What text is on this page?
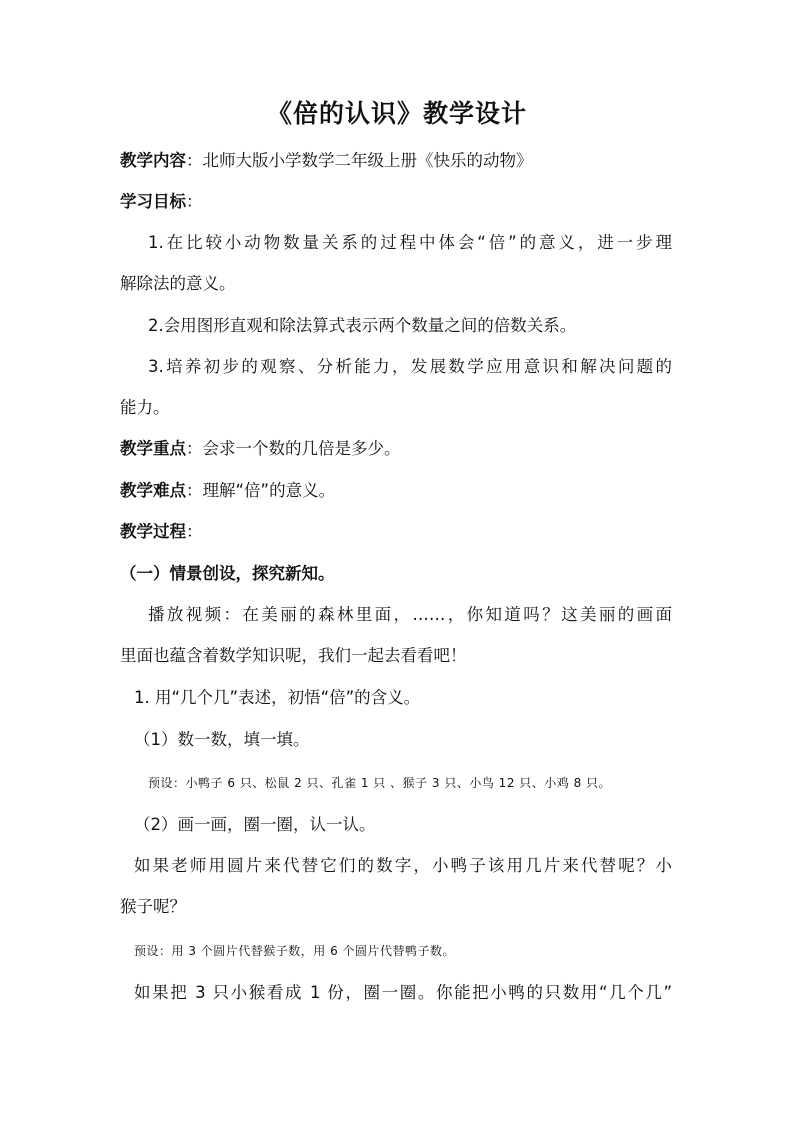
《倍的认识》教学设计
教学内容：北师大版小学数学二年级上册《快乐的动物》
学习目标：
1.在比较小动物数量关系的过程中体会“倍”的意义，进一步理
解除法的意义。
2.会用图形直观和除法算式表示两个数量之间的倍数关系。
3.培养初步的观察、分析能力，发展数学应用意识和解决问题的
能力。
教学重点：会求一个数的几倍是多少。
教学难点：理解“倍”的意义。
教学过程：
（一）情景创设，探究新知。
播放视频：在美丽的森林里面，……，你知道吗？这美丽的画面
里面也蕴含着数学知识呢，我们一起去看看吧！
1. 用“几个几”表述，初悟“倍”的含义。
（1）数一数，填一填。
预设：小鸭子 6 只、松鼠 2 只、孔雀 1 只 、猴子 3 只、小鸟 12 只、小鸡 8 只。
（2）画一画，圈一圈，认一认。
如果老师用圆片来代替它们的数字，小鸭子该用几片来代替呢？小
猴子呢？
预设：用 3 个圆片代替猴子数，用 6 个圆片代替鸭子数。
如果把 3 只小猴看成 1 份，圈一圈。你能把小鸭的只数用“几个几”
